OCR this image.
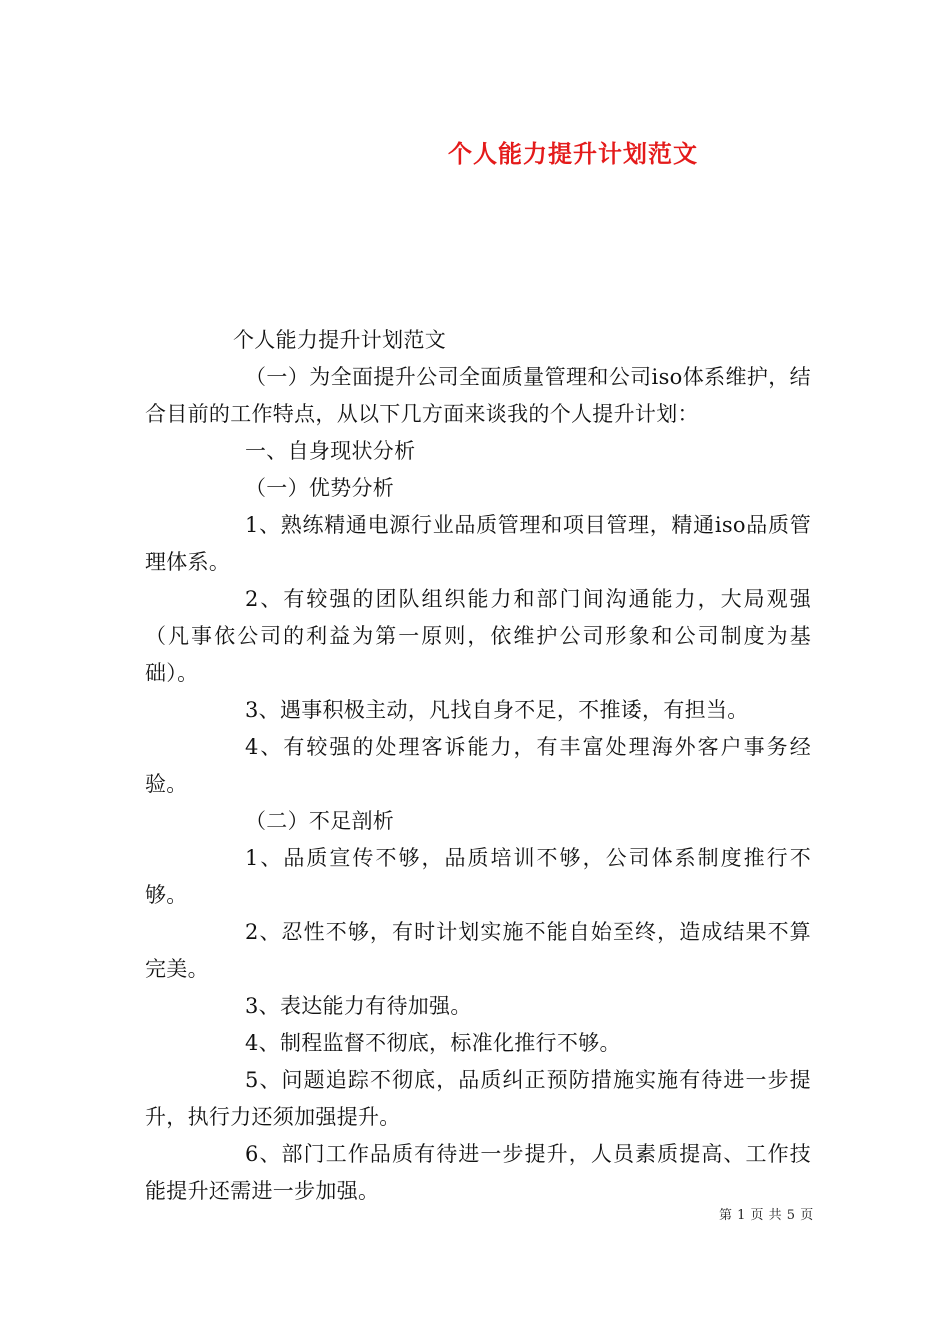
个人能力提升计划范文

个人能力提升计划范文

（一）为全面提升公司全面质量管理和公司iso体系维护，结合目前的工作特点，从以下几方面来谈我的个人提升计划：

一、自身现状分析

（一）优势分析

1、熟练精通电源行业品质管理和项目管理，精通iso品质管理体系。

2、有较强的团队组织能力和部门间沟通能力，大局观强（凡事依公司的利益为第一原则，依维护公司形象和公司制度为基础）。

3、遇事积极主动，凡找自身不足，不推诿，有担当。

4、有较强的处理客诉能力，有丰富处理海外客户事务经验。

（二）不足剖析

1、品质宣传不够，品质培训不够，公司体系制度推行不够。

2、忍性不够，有时计划实施不能自始至终，造成结果不算完美。

3、表达能力有待加强。

4、制程监督不彻底，标准化推行不够。

5、问题追踪不彻底，品质纠正预防措施实施有待进一步提升，执行力还须加强提升。

6、部门工作品质有待进一步提升，人员素质提高、工作技能提升还需进一步加强。

第 1 页 共 5 页
